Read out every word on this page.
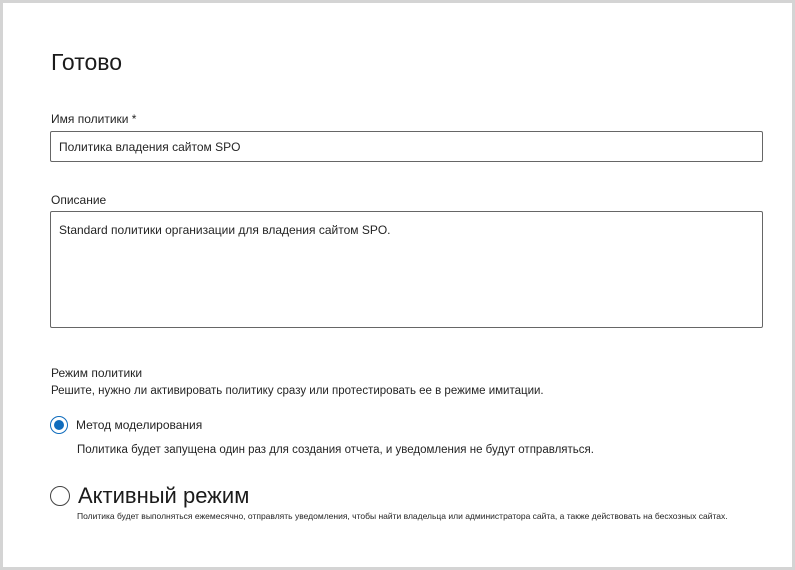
Готово
Имя политики *
Политика владения сайтом SPO
Описание
Standard политики организации для владения сайтом SPO.
Режим политики
Решите, нужно ли активировать политику сразу или протестировать ее в режиме имитации.
Метод моделирования
Политика будет запущена один раз для создания отчета, и уведомления не будут отправляться.
Активный режим
Политика будет выполняться ежемесячно, отправлять уведомления, чтобы найти владельца или администратора сайта, а также действовать на бесхозных сайтах.
